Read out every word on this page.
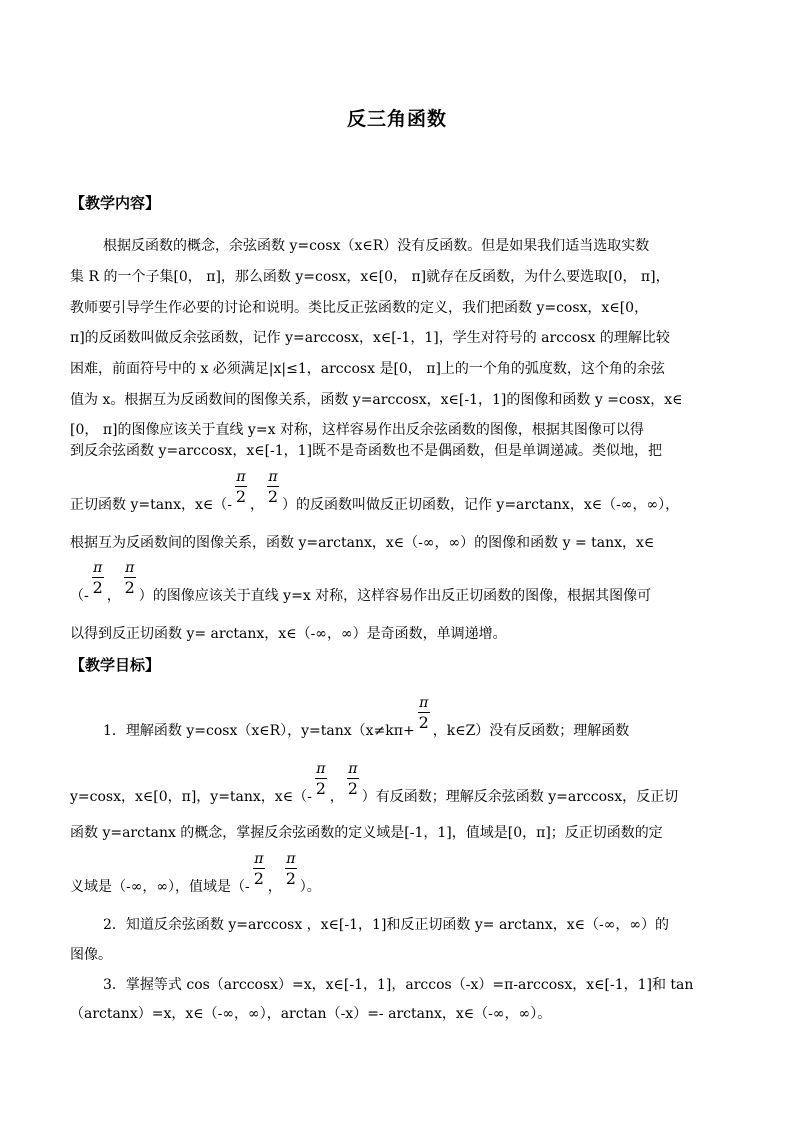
反三角函数
【教学内容】
根据反函数的概念，余弦函数 y=cosx（x∈R）没有反函数。但是如果我们适当选取实数
集 R 的一个子集[0， π]，那么函数 y=cosx，x∈[0， π]就存在反函数，为什么要选取[0， π]，
教师要引导学生作必要的讨论和说明。类比反正弦函数的定义，我们把函数 y=cosx，x∈[0，
π]的反函数叫做反余弦函数，记作 y=arccosx，x∈[-1，1]，学生对符号的 arccosx 的理解比较
困难，前面符号中的 x 必须满足|x|≤1，arccosx 是[0， π]上的一个角的弧度数，这个角的余弦
值为 x。根据互为反函数间的图像关系，函数 y=arccosx，x∈[-1，1]的图像和函数 y =cosx，x∈
[0， π]的图像应该关于直线 y=x 对称，这样容易作出反余弦函数的图像，根据其图像可以得
到反余弦函数 y=arccosx，x∈[-1，1]既不是奇函数也不是偶函数，但是单调递减。类似地，把
正切函数 y=tanx，x∈（- $\frac{\pi}{2}$ ， $\frac{\pi}{2}$ ）的反函数叫做反正切函数，记作 y=arctanx，x∈（-∞，∞），
根据互为反函数间的图像关系，函数 y=arctanx，x∈（-∞，∞）的图像和函数 y = tanx，x∈
（- $\frac{\pi}{2}$ ， $\frac{\pi}{2}$ ）的图像应该关于直线 y=x 对称，这样容易作出反正切函数的图像，根据其图像可
以得到反正切函数 y= arctanx，x∈（-∞，∞）是奇函数，单调递增。
【教学目标】
1．理解函数 y=cosx（x∈R），$y=\tan x(x\ne k\pi+ \frac{\pi}{2}$ ，k∈Z）没有反函数；理解函数
y=cosx，x∈[0，π]，y=tanx，x∈（- $\frac{\pi}{2}$ ， $\frac{\pi}{2}$ ）有反函数；理解反余弦函数 y=arccosx，反正切
函数 y=arctanx 的概念，掌握反余弦函数的定义域是[-1，1]，值域是[0，π]；反正切函数的定
义域是（-∞，∞），值域是（- $\frac{\pi}{2}$ ， $\frac{\pi}{2}$ ）。
2．知道反余弦函数 y=arccosx ，x∈[-1，1]和反正切函数 y= arctanx，x∈（-∞，∞）的
图像。
3．掌握等式 cos（arccosx）=x，x∈[-1，1]，arccos（-x）=π-arccosx，x∈[-1，1]和 tan
（arctanx）=x，x∈（-∞，∞），arctan（-x）=- arctanx，x∈（-∞，∞）。
